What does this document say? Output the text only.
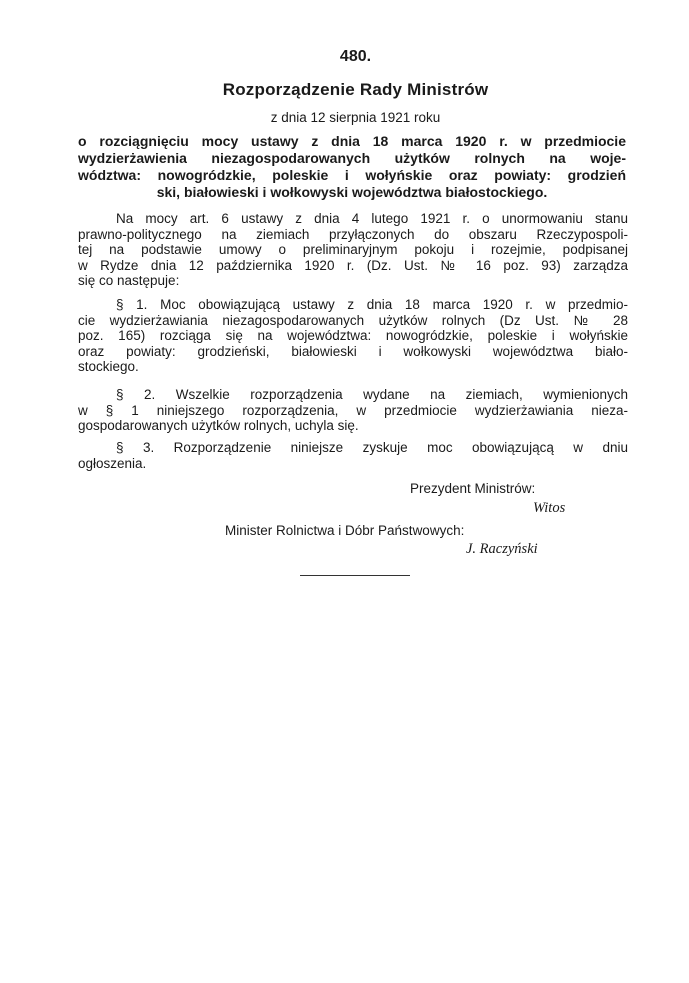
480.
Rozporządzenie Rady Ministrów
z dnia 12 sierpnia 1921 roku
o rozciągnięciu mocy ustawy z dnia 18 marca 1920 r. w przedmiocie
wydzierżawienia niezagospodarowanych użytków rolnych na woje-
wództwa: nowogródzkie, poleskie i wołyńskie oraz powiaty: grodzień
ski, białowieski i wołkowyski województwa białostockiego.
Na mocy art. 6 ustawy z dnia 4 lutego 1921 r. o unormowaniu stanu
prawno-politycznego na ziemiach przyłączonych do obszaru Rzeczypospoli-
tej na podstawie umowy o preliminaryjnym pokoju i rozejmie, podpisanej
w Rydze dnia 12 października 1920 r. (Dz. Ust. № 16 poz. 93) zarządza
się co następuje:
§ 1. Moc obowiązującą ustawy z dnia 18 marca 1920 r. w przedmio-
cie wydzierżawiania niezagospodarowanych użytków rolnych (Dz Ust. № 28
poz. 165) rozciąga się na województwa: nowogródzkie, poleskie i wołyńskie
oraz powiaty: grodzieński, białowieski i wołkowyski województwa biało-
stockiego.
§ 2. Wszelkie rozporządzenia wydane na ziemiach, wymienionych
w § 1 niniejszego rozporządzenia, w przedmiocie wydzierżawiania nieza-
gospodarowanych użytków rolnych, uchyla się.
§ 3. Rozporządzenie niniejsze zyskuje moc obowiązującą w dniu
ogłoszenia.
Prezydent Ministrów:
Witos
Minister Rolnictwa i Dóbr Państwowych:
J. Raczyński
